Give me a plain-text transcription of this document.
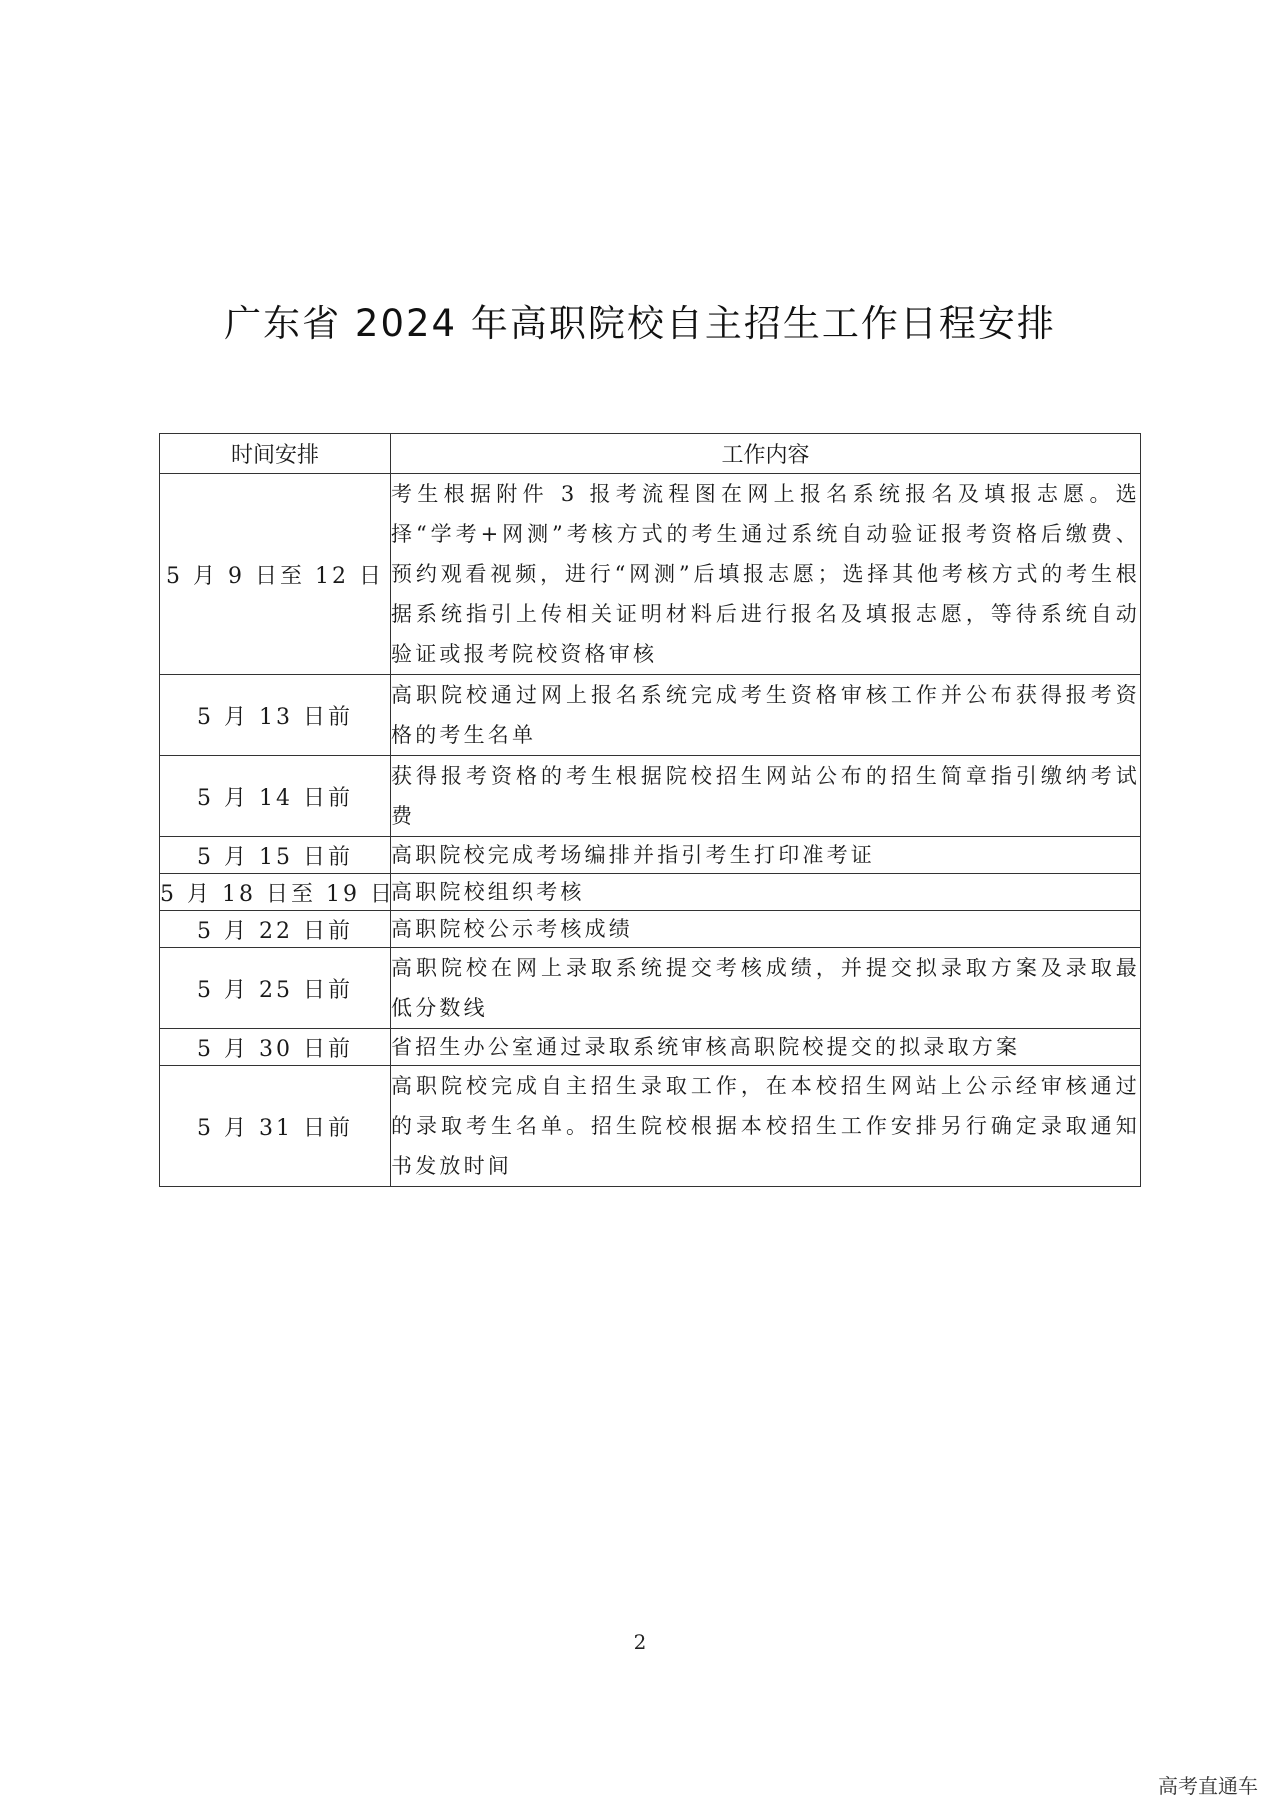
广东省 2024 年高职院校自主招生工作日程安排
时间安排	工作内容
5 月 9 日至 12 日	考生根据附件 3 报考流程图在网上报名系统报名及填报志愿。选择“学考+网测”考核方式的考生通过系统自动验证报考资格后缴费、预约观看视频，进行“网测”后填报志愿；选择其他考核方式的考生根据系统指引上传相关证明材料后进行报名及填报志愿，等待系统自动验证或报考院校资格审核
5 月 13 日前	高职院校通过网上报名系统完成考生资格审核工作并公布获得报考资格的考生名单
5 月 14 日前	获得报考资格的考生根据院校招生网站公布的招生简章指引缴纳考试费
5 月 15 日前	高职院校完成考场编排并指引考生打印准考证
5 月 18 日至 19 日	高职院校组织考核
5 月 22 日前	高职院校公示考核成绩
5 月 25 日前	高职院校在网上录取系统提交考核成绩，并提交拟录取方案及录取最低分数线
5 月 30 日前	省招生办公室通过录取系统审核高职院校提交的拟录取方案
5 月 31 日前	高职院校完成自主招生录取工作，在本校招生网站上公示经审核通过的录取考生名单。招生院校根据本校招生工作安排另行确定录取通知书发放时间
2
高考直通车
